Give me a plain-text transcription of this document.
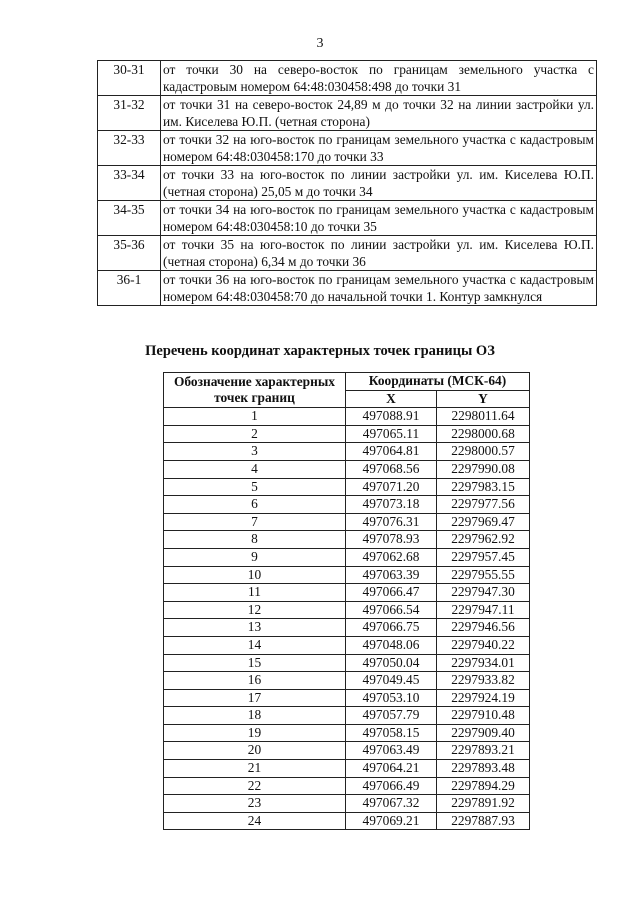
3
30-31	от точки 30 на северо-восток по границам земельного участка с кадастровым номером 64:48:030458:498 до точки 31
31-32	от точки 31 на северо-восток 24,89 м до точки 32 на линии застройки ул. им. Киселева Ю.П. (четная сторона)
32-33	от точки 32 на юго-восток по границам земельного участка с кадастровым номером 64:48:030458:170 до точки 33
33-34	от точки 33 на юго-восток по линии застройки ул. им. Киселева Ю.П. (четная сторона) 25,05 м до точки 34
34-35	от точки 34 на юго-восток по границам земельного участка с кадастровым номером 64:48:030458:10 до точки 35
35-36	от точки 35 на юго-восток по линии застройки ул. им. Киселева Ю.П. (четная сторона) 6,34 м до точки 36
36-1	от точки 36 на юго-восток по границам земельного участка с кадастровым номером 64:48:030458:70 до начальной точки 1. Контур замкнулся
Перечень координат характерных точек границы ОЗ
Обозначение характерных точек границ	Координаты (МСК-64)	
	X	Y
1	497088.91	2298011.64
2	497065.11	2298000.68
3	497064.81	2298000.57
4	497068.56	2297990.08
5	497071.20	2297983.15
6	497073.18	2297977.56
7	497076.31	2297969.47
8	497078.93	2297962.92
9	497062.68	2297957.45
10	497063.39	2297955.55
11	497066.47	2297947.30
12	497066.54	2297947.11
13	497066.75	2297946.56
14	497048.06	2297940.22
15	497050.04	2297934.01
16	497049.45	2297933.82
17	497053.10	2297924.19
18	497057.79	2297910.48
19	497058.15	2297909.40
20	497063.49	2297893.21
21	497064.21	2297893.48
22	497066.49	2297894.29
23	497067.32	2297891.92
24	497069.21	2297887.93
